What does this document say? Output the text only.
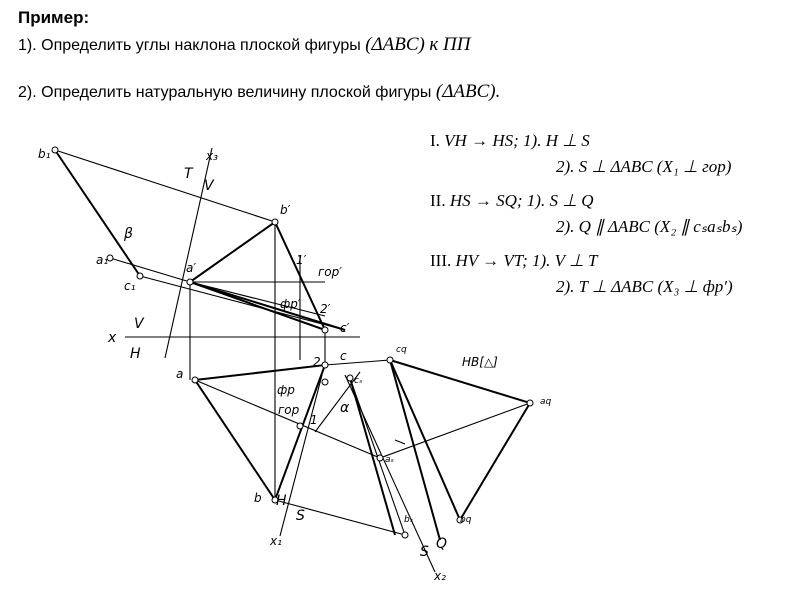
Пример:
1). Определить углы наклона плоской фигуры (ΔABC) к ПП
2). Определить натуральную величину плоской фигуры (ΔABC).
I. VH → HS; 1). H ⊥ S
2). S ⊥ ΔABC (X₁ ⊥ гор)
II. HS → SQ; 1). S ⊥ Q
2). Q ∥ ΔABC (X₂ ∥ cₛaₛbₛ)
III. HV → VT; 1). V ⊥ T
2). T ⊥ ΔABC (X₃ ⊥ фр′)
b₁
a₁
c₁
β
x₃
T
V
b′
a′
c′
1′
2′
гор′
фр′
x
V
H
a
b
c
1
2
фр
гор	α
x₁
H
S
cₛ
aₛ
bₛ
cq
aq
bq
x₂
S Q
НВ[△]
